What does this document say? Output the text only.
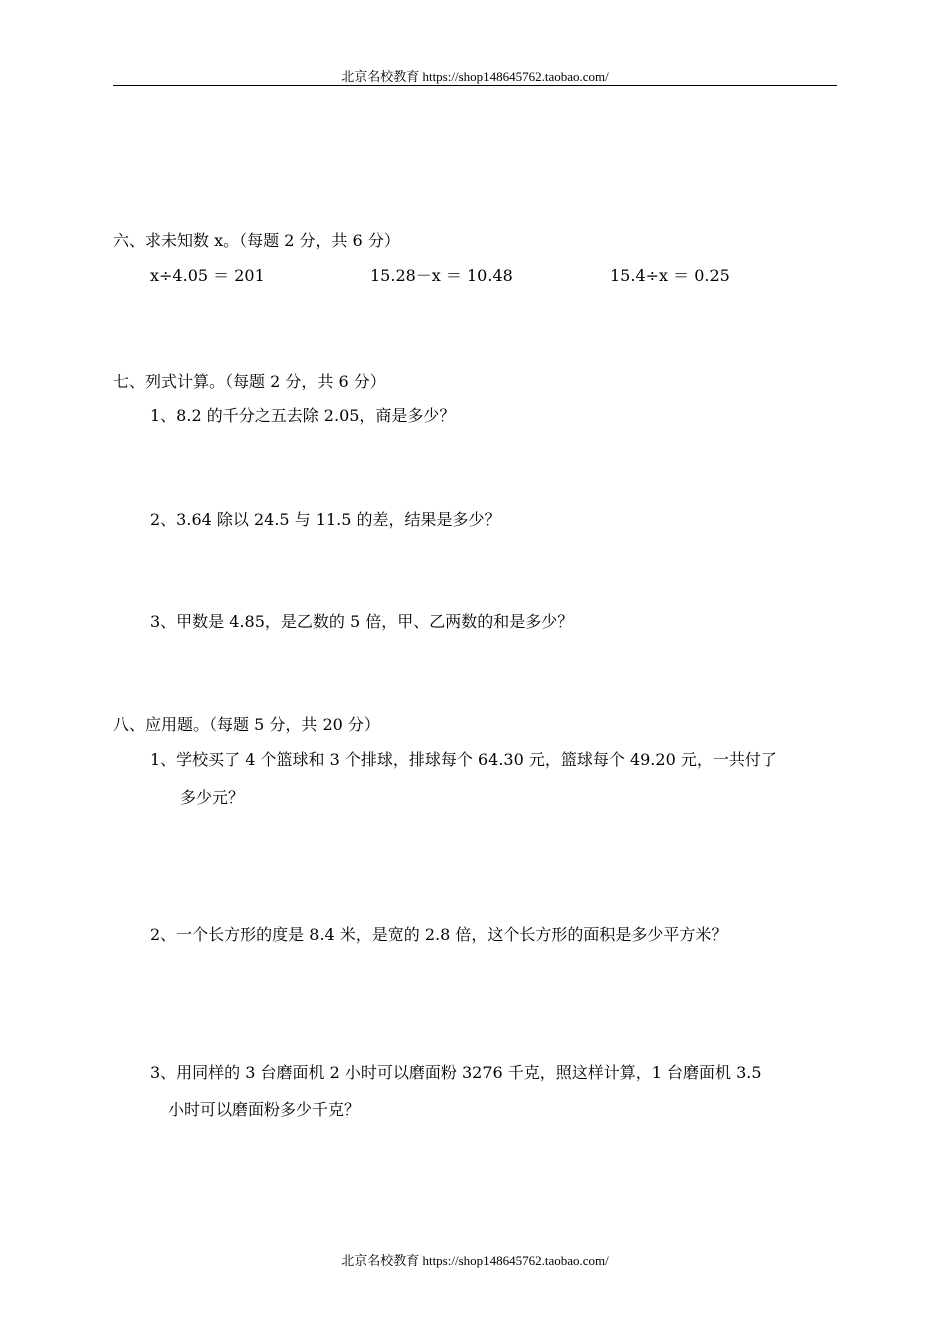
北京名校教育 https://shop148645762.taobao.com/
六、求未知数 x。（每题 2 分，共 6 分）
x÷4.05 ＝ 201	15.28－x ＝ 10.48	15.4÷x ＝ 0.25
七、列式计算。（每题 2 分，共 6 分）
1、8.2 的千分之五去除 2.05，商是多少？
2、3.64 除以 24.5 与 11.5 的差，结果是多少？
3、甲数是 4.85，是乙数的 5 倍，甲、乙两数的和是多少？
八、应用题。（每题 5 分，共 20 分）
1、学校买了 4 个篮球和 3 个排球，排球每个 64.30 元，篮球每个 49.20 元，一共付了
多少元？
2、一个长方形的度是 8.4 米，是宽的 2.8 倍，这个长方形的面积是多少平方米？
3、用同样的 3 台磨面机 2 小时可以磨面粉 3276 千克，照这样计算，1 台磨面机 3.5
小时可以磨面粉多少千克？
北京名校教育 https://shop148645762.taobao.com/
